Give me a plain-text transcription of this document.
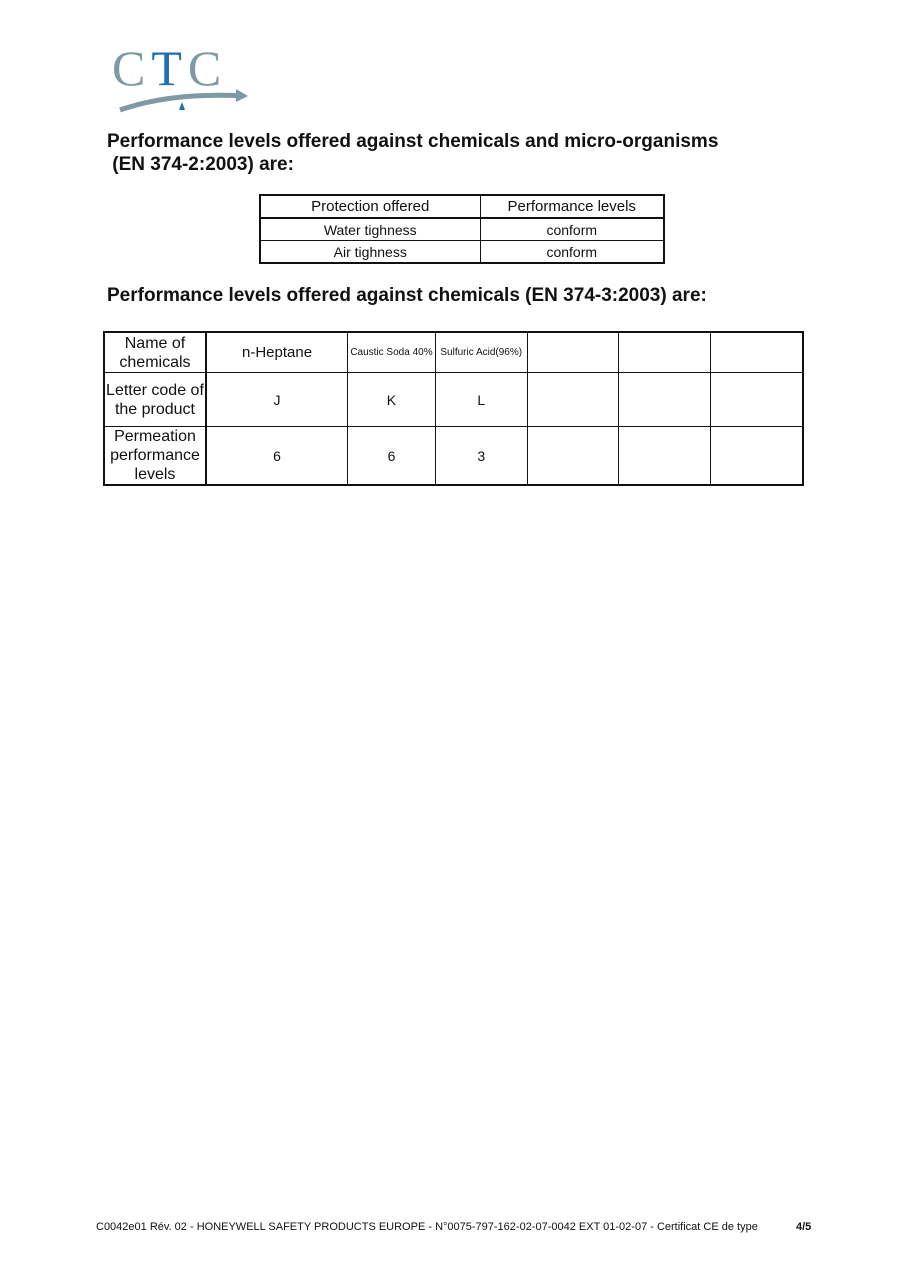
CTC
Performance levels offered against chemicals and micro-organisms
(EN 374-2:2003) are:
Protection offered	Performance levels
Water tighness	conform
Air tighness	conform
Performance levels offered against chemicals (EN 374-3:2003) are:
Name of chemicals	n-Heptane	Caustic Soda 40%	Sulfuric Acid(96%)			
Letter code of the product	J	K	L			
Permeation performance levels	6	6	3			
C0042e01 Rév. 02 - HONEYWELL SAFETY PRODUCTS EUROPE - N°0075-797-162-02-07-0042 EXT 01-02-07 - Certificat CE de type	4/5
